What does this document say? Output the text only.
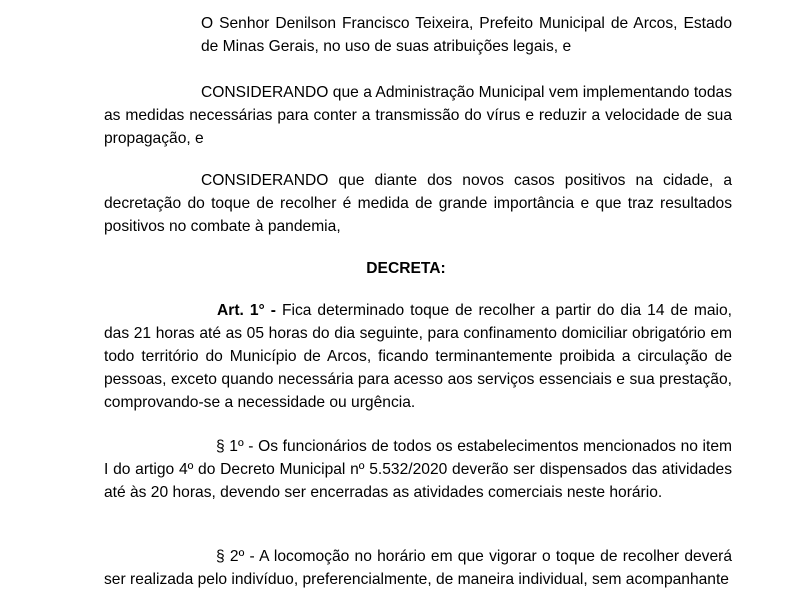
O Senhor Denilson Francisco Teixeira, Prefeito Municipal de Arcos, Estado de Minas Gerais, no uso de suas atribuições legais, e

CONSIDERANDO que a Administração Municipal vem implementando todas as medidas necessárias para conter a transmissão do vírus e reduzir a velocidade de sua propagação, e

CONSIDERANDO que diante dos novos casos positivos na cidade, a decretação do toque de recolher é medida de grande importância e que traz resultados positivos no combate à pandemia,

DECRETA:

Art. 1° - Fica determinado toque de recolher a partir do dia 14 de maio, das 21 horas até as 05 horas do dia seguinte, para confinamento domiciliar obrigatório em todo território do Município de Arcos, ficando terminantemente proibida a circulação de pessoas, exceto quando necessária para acesso aos serviços essenciais e sua prestação, comprovando-se a necessidade ou urgência.

§ 1º - Os funcionários de todos os estabelecimentos mencionados no item I do artigo 4º do Decreto Municipal nº 5.532/2020 deverão ser dispensados das atividades até às 20 horas, devendo ser encerradas as atividades comerciais neste horário.

§ 2º - A locomoção no horário em que vigorar o toque de recolher deverá ser realizada pelo indivíduo, preferencialmente, de maneira individual, sem acompanhante
